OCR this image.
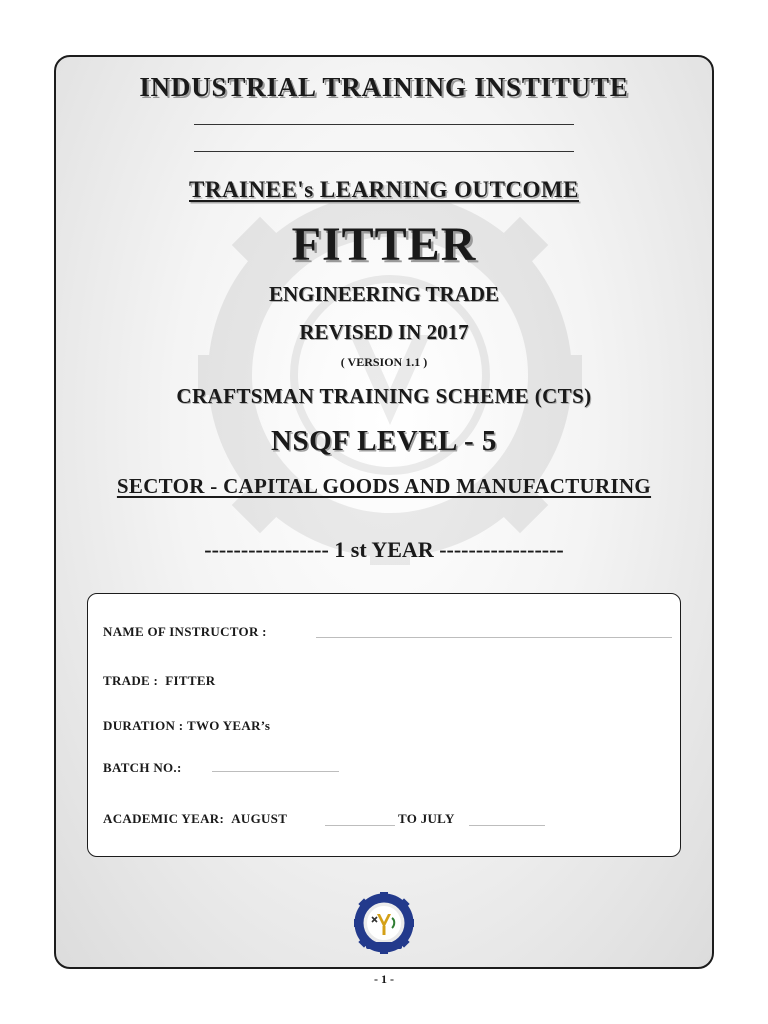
INDUSTRIAL TRAINING INSTITUTE
TRAINEE's LEARNING OUTCOME
FITTER
ENGINEERING TRADE
REVISED IN 2017
( VERSION 1.1 )
CRAFTSMAN TRAINING SCHEME (CTS)
NSQF LEVEL - 5
SECTOR - CAPITAL GOODS AND MANUFACTURING
----------------- 1 st YEAR -----------------
NAME OF INSTRUCTOR :
TRADE : FITTER
DURATION : TWO YEAR’s
BATCH NO.:
ACADEMIC YEAR: AUGUST	TO JULY
- 1 -
